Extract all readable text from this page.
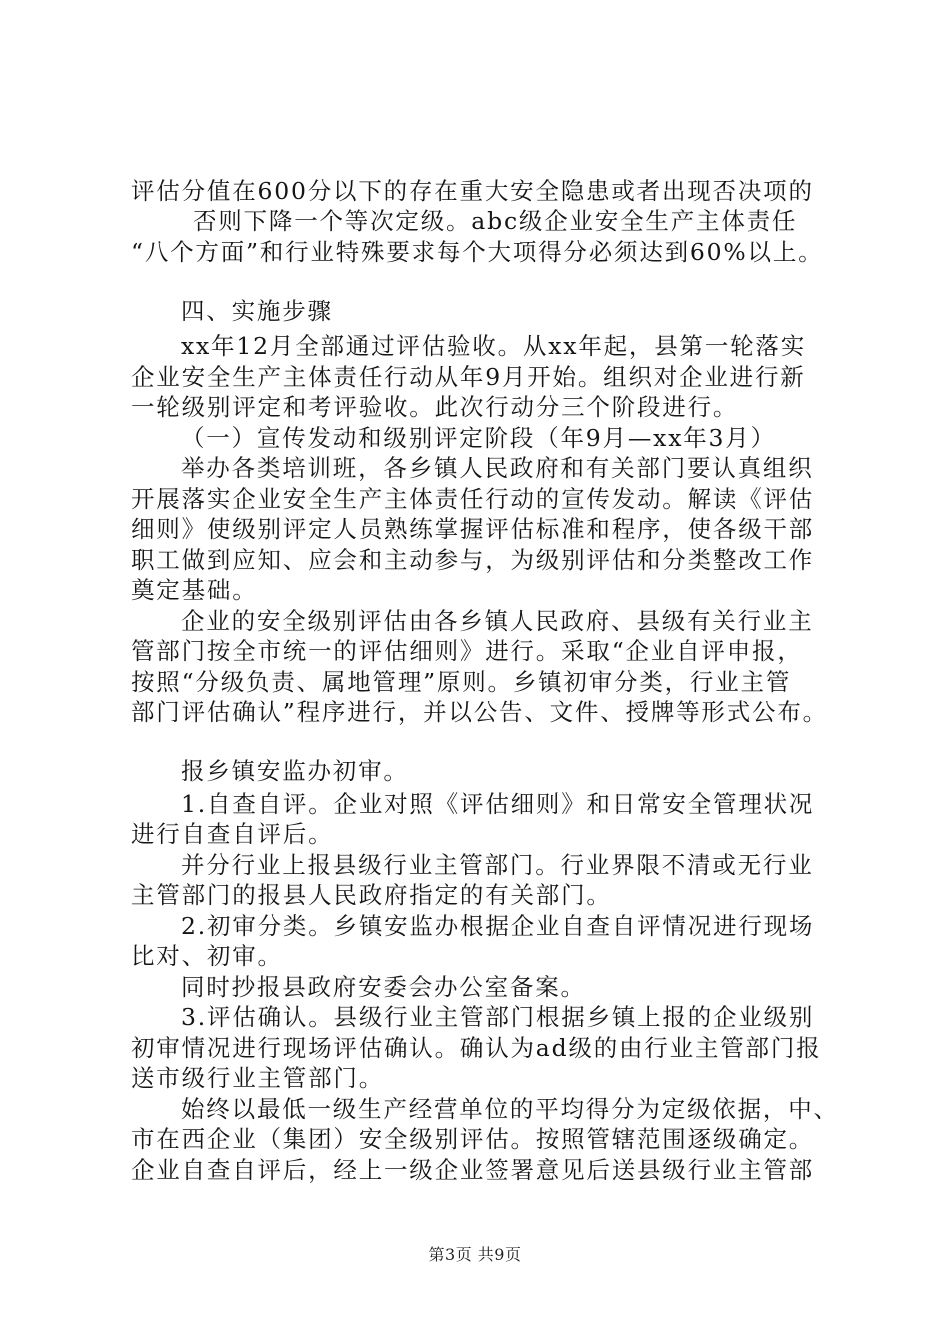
评估分值在600分以下的存在重大安全隐患或者出现否决项的
否则下降一个等次定级。abc级企业安全生产主体责任
“八个方面”和行业特殊要求每个大项得分必须达到60%以上。
四、实施步骤
xx年12月全部通过评估验收。从xx年起，县第一轮落实
企业安全生产主体责任行动从年9月开始。组织对企业进行新
一轮级别评定和考评验收。此次行动分三个阶段进行。
（一）宣传发动和级别评定阶段（年9月—xx年3月）
举办各类培训班，各乡镇人民政府和有关部门要认真组织
开展落实企业安全生产主体责任行动的宣传发动。解读《评估
细则》使级别评定人员熟练掌握评估标准和程序，使各级干部
职工做到应知、应会和主动参与，为级别评估和分类整改工作
奠定基础。
企业的安全级别评估由各乡镇人民政府、县级有关行业主
管部门按全市统一的评估细则》进行。采取“企业自评申报，
按照“分级负责、属地管理”原则。乡镇初审分类，行业主管
部门评估确认”程序进行，并以公告、文件、授牌等形式公布。
报乡镇安监办初审。
1.自查自评。企业对照《评估细则》和日常安全管理状况
进行自查自评后。
并分行业上报县级行业主管部门。行业界限不清或无行业
主管部门的报县人民政府指定的有关部门。
2.初审分类。乡镇安监办根据企业自查自评情况进行现场
比对、初审。
同时抄报县政府安委会办公室备案。
3.评估确认。县级行业主管部门根据乡镇上报的企业级别
初审情况进行现场评估确认。确认为ad级的由行业主管部门报
送市级行业主管部门。
始终以最低一级生产经营单位的平均得分为定级依据，中、
市在西企业（集团）安全级别评估。按照管辖范围逐级确定。
企业自查自评后，经上一级企业签署意见后送县级行业主管部
第3页 共9页
